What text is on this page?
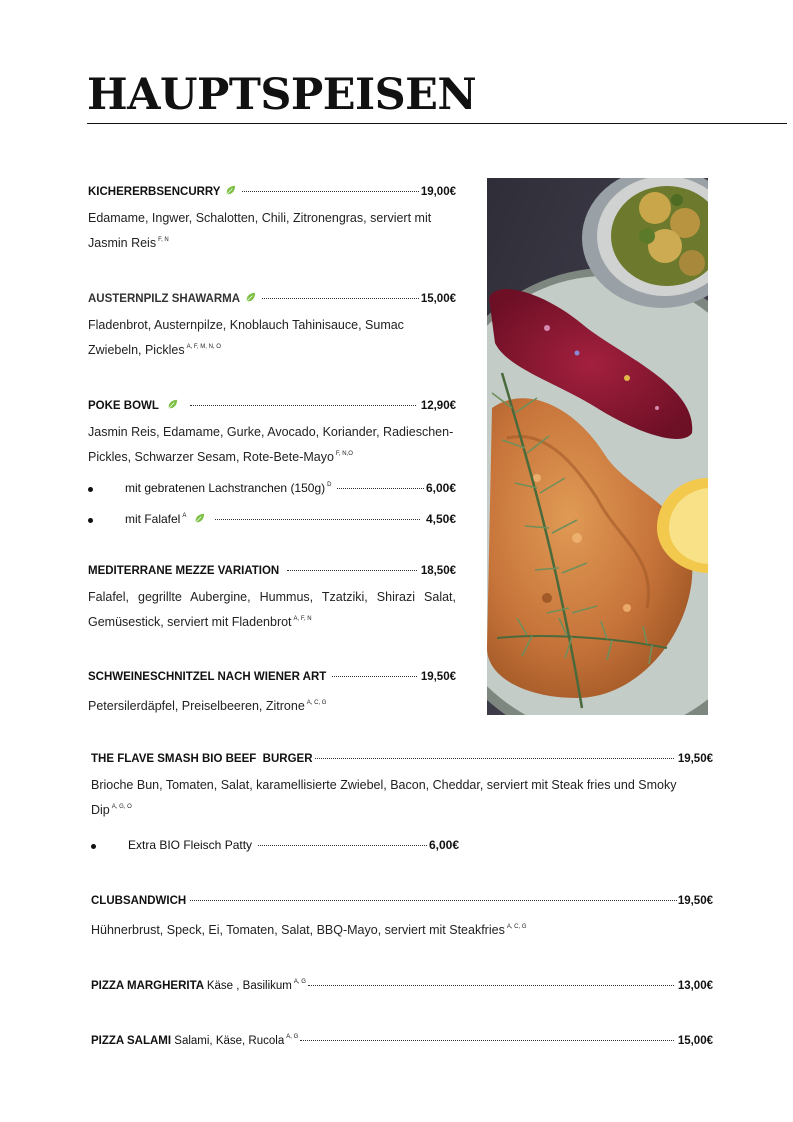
HAUPTSPEISEN
KICHERERBSENCURRY	19,00€
Edamame, Ingwer, Schalotten, Chili, Zitronengras, serviert mit Jasmin Reis $^{F, N}$
AUSTERNPILZ SHAWARMA	15,00€
Fladenbrot, Austernpilze, Knoblauch Tahinisauce, Sumac Zwiebeln, Pickles $^{A, F, M, N, O}$
POKE BOWL	12,90€
Jasmin Reis, Edamame, Gurke, Avocado, Koriander, Radieschen-Pickles, Schwarzer Sesam, Rote-Bete-Mayo $^{F, N,O}$
mit gebratenen Lachstranchen (150g) $^D$	6,00€
mit Falafel $^A$	4,50€
MEDITERRANE MEZZE VARIATION	18,50€
Falafel, gegrillte Aubergine, Hummus, Tzatziki, Shirazi Salat, Gemüsestick, serviert mit Fladenbrot $^{A, F, N}$
SCHWEINESCHNITZEL NACH WIENER ART	19,50€
Petersilerdäpfel, Preiselbeeren, Zitrone $^{A, C, G}$
THE FLAVE SMASH BIO BEEF  BURGER	19,50€
Brioche Bun, Tomaten, Salat, karamellisierte Zwiebel, Bacon, Cheddar, serviert mit Steak fries und Smoky Dip $^{A, G, O}$
Extra BIO Fleisch Patty	6,00€
CLUBSANDWICH	19,50€
Hühnerbrust, Speck, Ei, Tomaten, Salat, BBQ-Mayo, serviert mit Steakfries $^{A, C, G}$
PIZZA MARGHERITA Käse , Basilikum $^{A, G}$	13,00€
PIZZA SALAMI Salami, Käse, Rucola $^{A, G}$	15,00€
